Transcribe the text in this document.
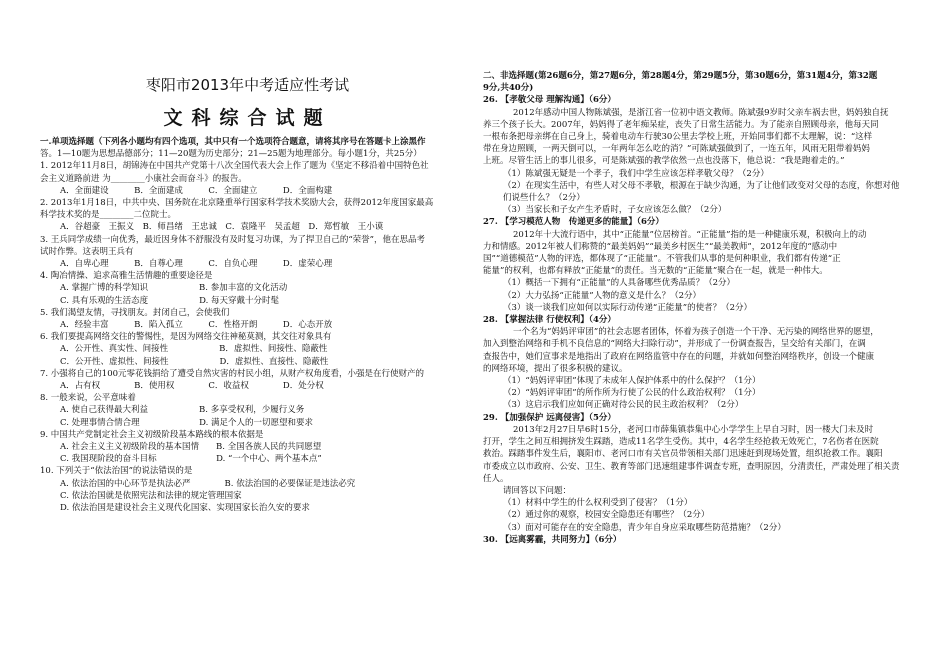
枣阳市2013年中考适应性考试
文科综合试题
一.单项选择题（下列各小题均有四个选项，其中只有一个选项符合题意，请将其序号在答题卡上涂黑作
答。1—10题为思想品德部分；11—20题为历史部分；21—25题为地理部分。每小题1分，共25分）
1. 2012年11月8日，胡锦涛在中国共产党第十八次全国代表大会上作了题为《坚定不移沿着中国特色社
会主义道路前进 为________小康社会而奋斗》的报告。
A．全面建设　　　B．全面建成　　　C．全面建立　　　D．全面构建
2. 2013年1月18日，中共中央、国务院在北京隆重举行国家科学技术奖励大会，获得2012年度国家最高
科学技术奖的是________二位院士。
A．谷超豪　王振义　B．师昌绪　王忠诚　C．袁隆平　吴孟超　D．郑哲敏　王小谟
3. 王兵同学成绩一向优秀，最近因身体不舒服没有及时复习功课，为了捍卫自己的“荣誉”，他在思品考
试时作弊。这表明王兵有
A．自卑心理　　　B．自尊心理　　　C．自负心理　　　D．虚荣心理
4. 陶冶情操、追求高雅生活情趣的重要途径是
A. 掌握广博的科学知识　　　　　　B. 参加丰富的文化活动
C. 具有乐观的生活态度　　　　　　D. 每天穿戴十分时髦
5. 我们渴望友情，寻找朋友。封闭自己，会使我们
A．经验丰富　　　B．陷入孤立　　　C．性格开朗　　　D．心态开放
6. 我们要提高网络交往的警惕性，是因为网络交往神秘莫测，其交往对象具有
A．公开性、真实性、间接性　　　　　　B．虚拟性、间接性、隐蔽性
C．公开性、虚拟性、间接性　　　　　　D．虚拟性、直接性、隐蔽性
7. 小强将自己的100元零花钱捐给了遭受自然灾害的村民小组，从财产权角度看，小强是在行使财产的
A．占有权　　　　B．使用权　　　　C．收益权　　　　D．处分权
8. 一般来说，公平意味着
A. 使自己获得最大利益　　　　　　B. 多享受权利，少履行义务
C. 处理事情合情合理　　　　　　　D. 满足个人的一切愿望和要求
9. 中国共产党制定社会主义初级阶段基本路线的根本依据是
A. 社会主义主义初级阶段的基本国情　　B. 全国各族人民的共同愿望
C. 我国现阶段的奋斗目标　　　　　　　D. “一个中心、两个基本点”
10. 下列关于“依法治国”的说法错误的是
A. 依法治国的中心环节是执法必严　　　　B. 依法治国的必要保证是违法必究
C. 依法治国就是依照宪法和法律的规定管理国家
D. 依法治国是建设社会主义现代化国家、实现国家长治久安的要求
二、非选择题(第26题6分，第27题6分，第28题4分，第29题5分，第30题6分，第31题4分，第32题
9分,共40分)
26. 【孝敬父母 理解沟通】（6分）
2012年感动中国人物陈斌强，是浙江省一位初中语文教师。陈斌强9岁时父亲车祸去世，妈妈独自抚
养三个孩子长大。2007年，妈妈得了老年痴呆症，丧失了日常生活能力。为了能亲自照顾母亲，他每天同
一根布条把母亲绑在自己身上，骑着电动车行驶30公里去学校上班，开始同事们都不太理解，说：“这样
带在身边照顾，一两天倒可以，一年两年怎么吃的消？”可陈斌强做到了，一连五年，风雨无阻带着妈妈
上班。尽管生活上的事儿很多，可是陈斌强的教学依然一点也没落下，他总说：“我是跑着走的。”
（1）陈斌强无疑是一个孝子，我们中学生应该怎样孝敬父母？（2分）
（2）在现实生活中，有些人对父母不孝敬，根源在于缺少沟通，为了让他们改变对父母的态度，你想对他
们说些什么？（2分）
（3）当家长和子女产生矛盾时，子女应该怎么做？（2分）
27. 【学习模范人物　传递更多的能量】（6分）
2012年十大流行语中，其中“正能量”位居榜首。“正能量”指的是一种健康乐观，积极向上的动
力和情感。2012年被人们称赞的“最美妈妈”“最美乡村医生”“最美教师”，2012年度的“感动中
国”“道德模范”人物的评选，都体现了“正能量”。不管我们从事的是何种职业，我们都有传递“正
能量”的权利，也都有释放“正能量”的责任。当无数的“正能量”聚合在一起，就是一种伟大。
（1）概括一下拥有“正能量”的人具备哪些优秀品质？（2分）
（2）大力弘扬“正能量”人物的意义是什么？（2分）
（3）谈一谈我们应如何以实际行动传递“正能量”的使者？（2分）
28. 【掌握法律 行使权利】（4分）
一个名为“妈妈评审团”的社会志愿者团体，怀着为孩子创造一个干净、无污染的网络世界的愿望，
加入到整治网络和手机不良信息的“网络大扫除行动”，并形成了一份调查报告，呈交给有关部门，在调
查报告中，她们宣事求是地指出了政府在网络监管中存在的问题，并就如何整治网络秩序，创设一个健康
的网络环境，提出了很多积极的建议。
（1）“妈妈评审团”体现了未成年人保护体系中的什么保护？（1分）
（2）“妈妈评审团”的所作所为行使了公民的什么政治权利？（1分）
（3）这启示我们应如何正确对待公民的民主政治权利？（2分）
29. 【加强保护 远离侵害】（5分）
2013年2月27日早6时15分，老河口市薛集镇恭集中心小学学生上早自习时，因一楼大门未及时
打开，学生之间互相拥挤发生踩踏，造成11名学生受伤。其中，4名学生经抢救无效死亡，7名伤者在医院
救治。踩踏事件发生后，襄阳市、老河口市有关官员带领相关部门迅速赶到现场处置，组织抢救工作。襄阳
市委成立以市政府、公安、卫生、教育等部门迅速组建事件调查专班，查明原因，分清责任，严肃处理了相关责
任人。
请回答以下问题：
（1）材料中学生的什么权利受到了侵害？（1分）
（2）通过你的观察，校园安全隐患还有哪些？（2分）
（3）面对可能存在的安全隐患，青少年自身应采取哪些防范措施？（2分）
30. 【远离雾霾，共同努力】（6分）
